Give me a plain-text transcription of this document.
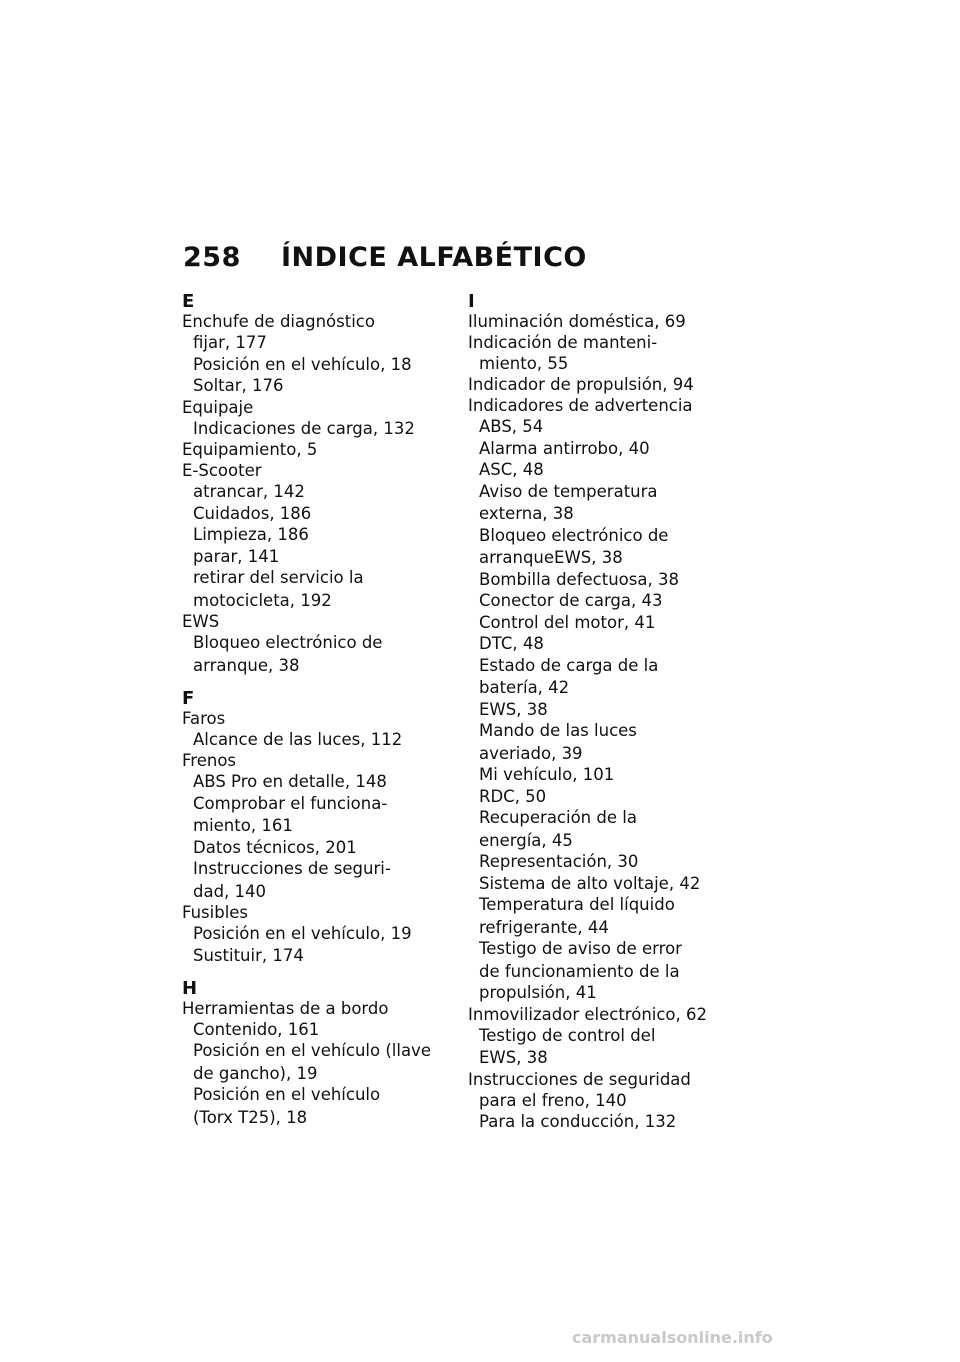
258 ÍNDICE ALFABÉTICO
E
Enchufe de diagnóstico
fijar, 177
Posición en el vehículo, 18
Soltar, 176
Equipaje
Indicaciones de carga, 132
Equipamiento, 5
E-Scooter
atrancar, 142
Cuidados, 186
Limpieza, 186
parar, 141
retirar del servicio la
motocicleta, 192
EWS
Bloqueo electrónico de
arranque, 38
F
Faros
Alcance de las luces, 112
Frenos
ABS Pro en detalle, 148
Comprobar el funciona-
miento, 161
Datos técnicos, 201
Instrucciones de seguri-
dad, 140
Fusibles
Posición en el vehículo, 19
Sustituir, 174
H
Herramientas de a bordo
Contenido, 161
Posición en el vehículo (llave
de gancho), 19
Posición en el vehículo
(Torx T25), 18
I
Iluminación doméstica, 69
Indicación de manteni-
miento, 55
Indicador de propulsión, 94
Indicadores de advertencia
ABS, 54
Alarma antirrobo, 40
ASC, 48
Aviso de temperatura
externa, 38
Bloqueo electrónico de
arranqueEWS, 38
Bombilla defectuosa, 38
Conector de carga, 43
Control del motor, 41
DTC, 48
Estado de carga de la
batería, 42
EWS, 38
Mando de las luces
averiado, 39
Mi vehículo, 101
RDC, 50
Recuperación de la
energía, 45
Representación, 30
Sistema de alto voltaje, 42
Temperatura del líquido
refrigerante, 44
Testigo de aviso de error
de funcionamiento de la
propulsión, 41
Inmovilizador electrónico, 62
Testigo de control del
EWS, 38
Instrucciones de seguridad
para el freno, 140
Para la conducción, 132
carmanualsonline.info
